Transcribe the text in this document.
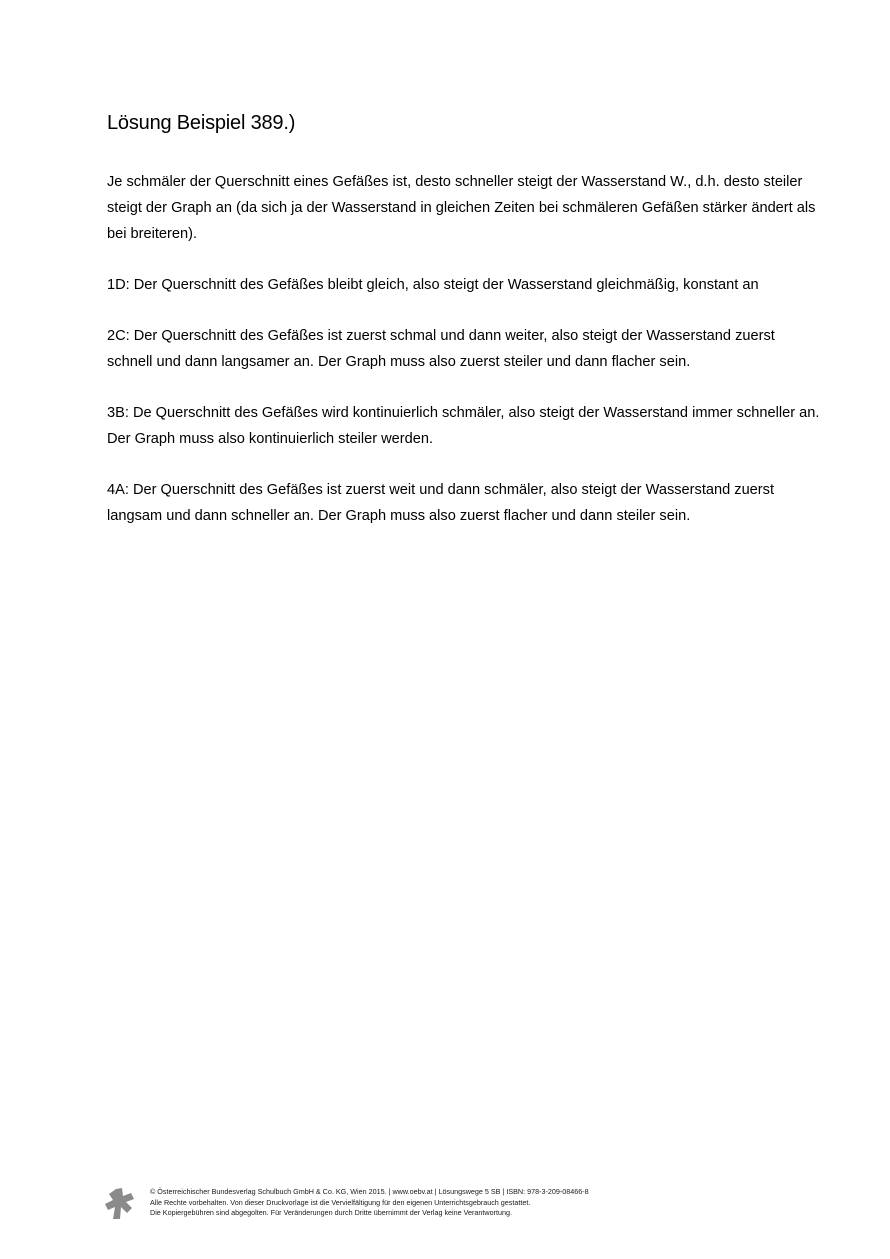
Lösung Beispiel 389.)

Je schmäler der Querschnitt eines Gefäßes ist, desto schneller steigt der Wasserstand W., d.h. desto steiler steigt der Graph an (da sich ja der Wasserstand in gleichen Zeiten bei schmäleren Gefäßen stärker ändert als bei breiteren).

1D: Der Querschnitt des Gefäßes bleibt gleich, also steigt der Wasserstand gleichmäßig, konstant an

2C: Der Querschnitt des Gefäßes ist zuerst schmal und dann weiter, also steigt der Wasserstand zuerst schnell und dann langsamer an. Der Graph muss also zuerst steiler und dann flacher sein.

3B: De Querschnitt des Gefäßes wird kontinuierlich schmäler, also steigt der Wasserstand immer schneller an. Der Graph muss also kontinuierlich steiler werden.

4A: Der Querschnitt des Gefäßes ist zuerst weit und dann schmäler, also steigt der Wasserstand zuerst langsam und dann schneller an. Der Graph muss also zuerst flacher und dann steiler sein.

© Österreichischer Bundesverlag Schulbuch GmbH & Co. KG, Wien 2015. | www.oebv.at | Lösungswege 5 SB | ISBN: 978-3-209-08466-8
Alle Rechte vorbehalten. Von dieser Druckvorlage ist die Vervielfältigung für den eigenen Unterrichtsgebrauch gestattet.
Die Kopiergebühren sind abgegolten. Für Veränderungen durch Dritte übernimmt der Verlag keine Verantwortung.
